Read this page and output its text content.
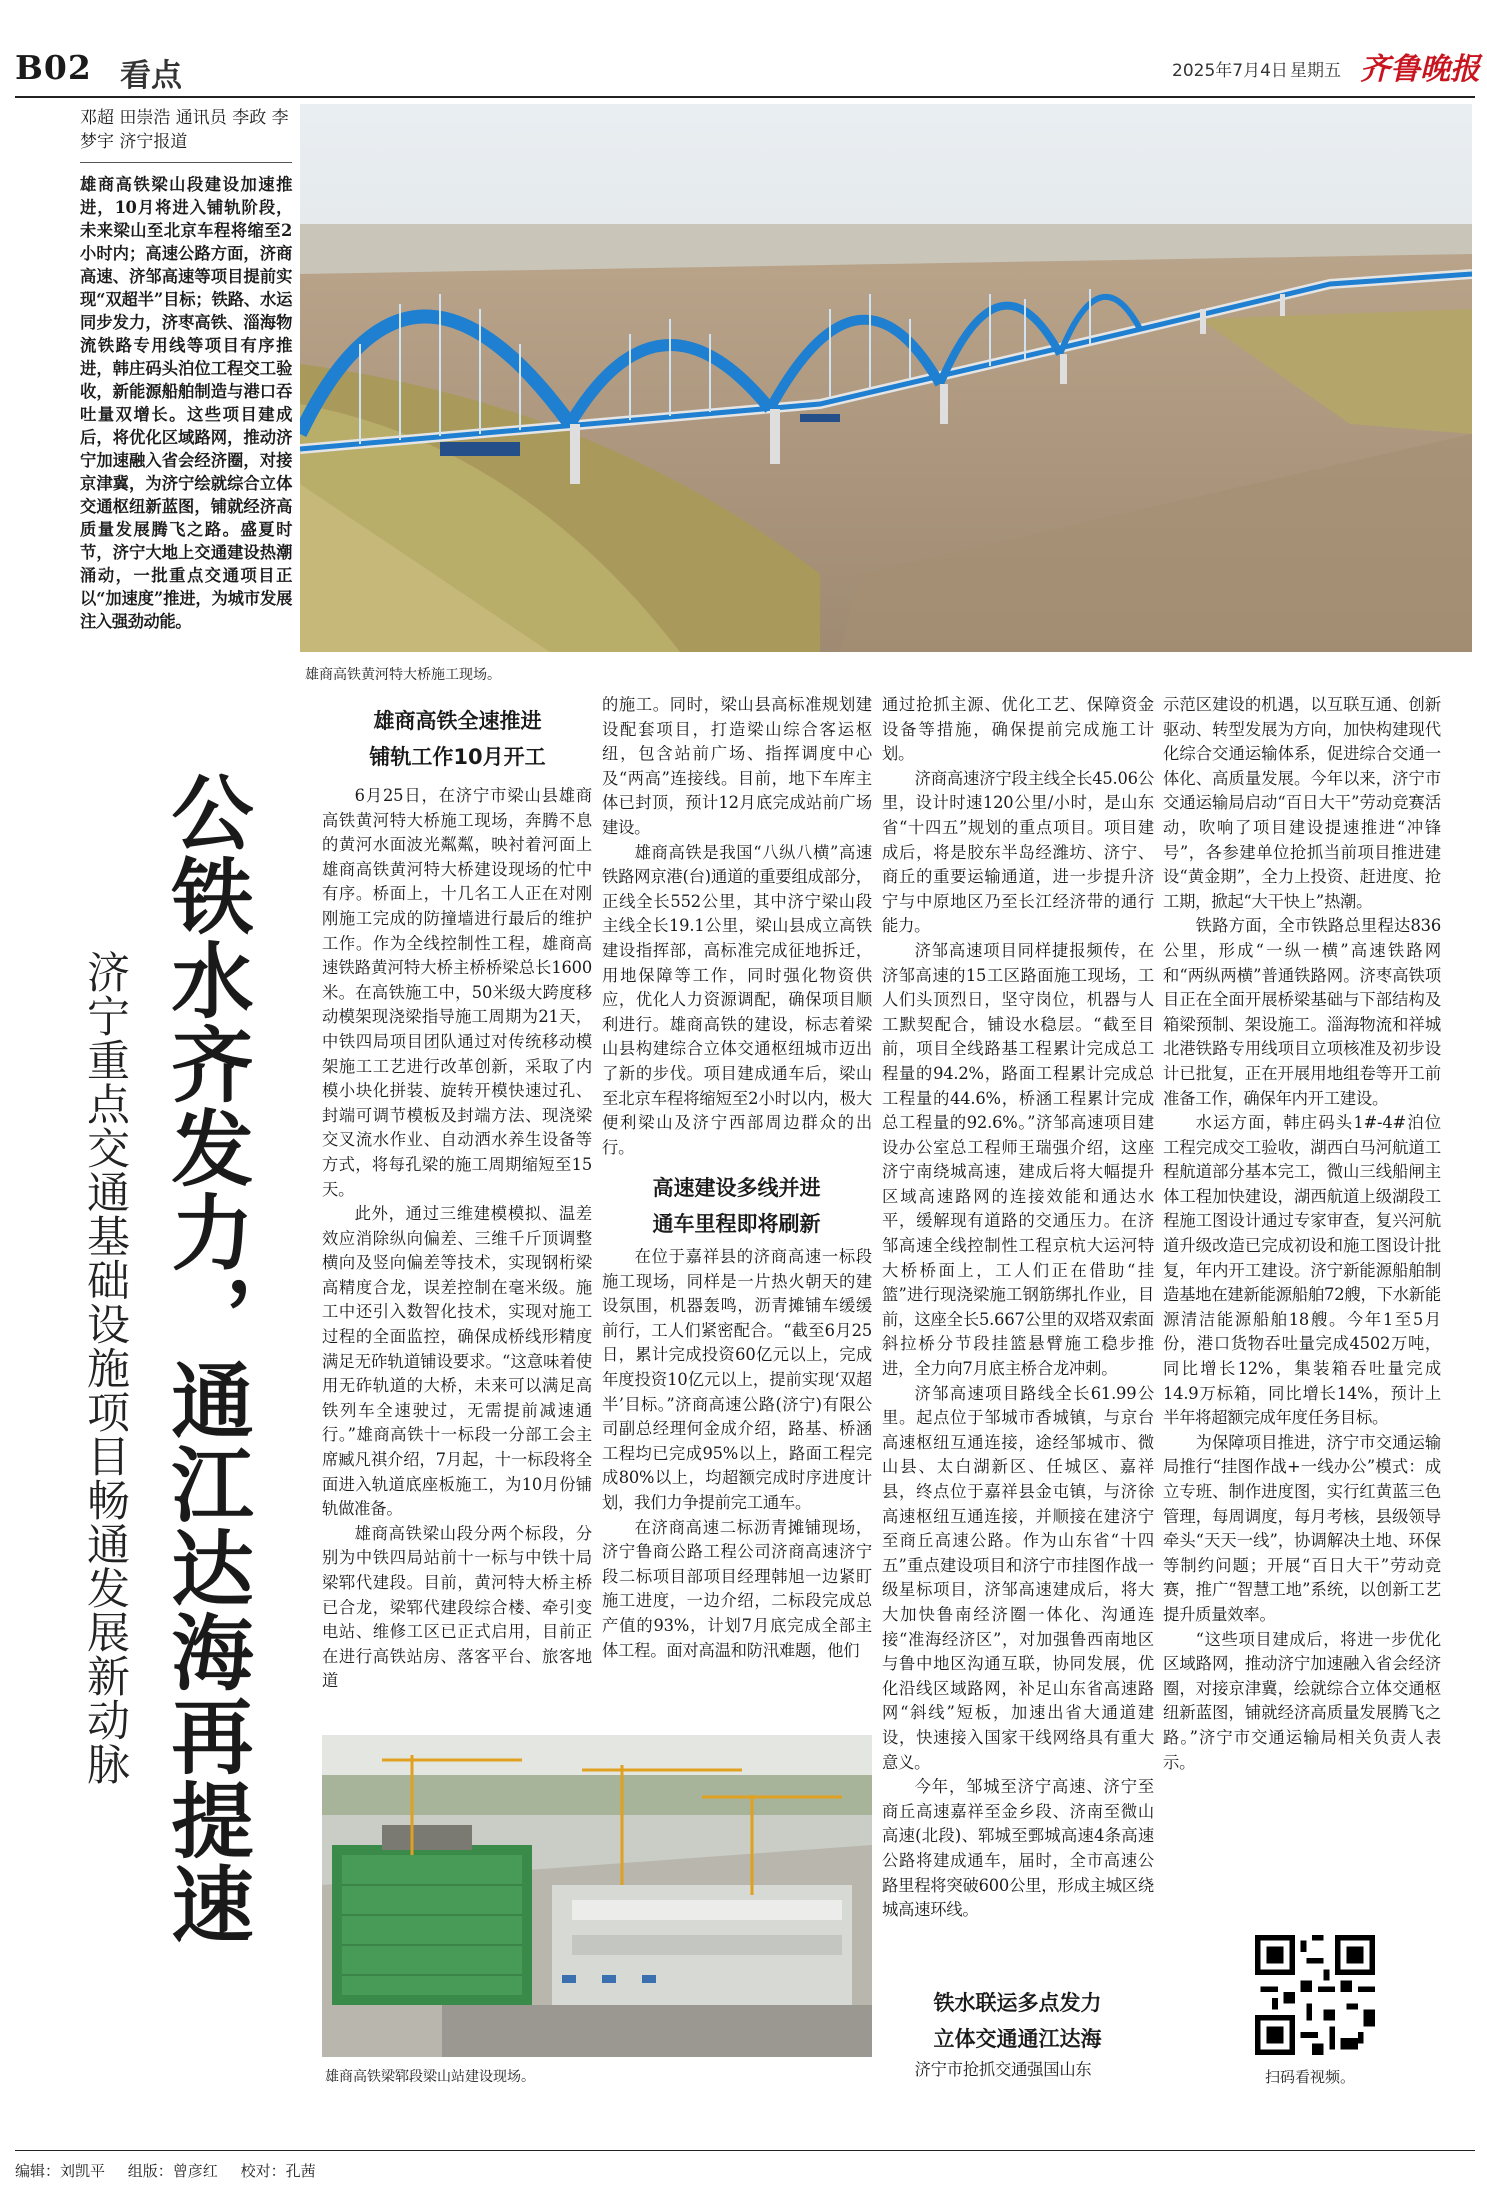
B02 看点	2025年7月4日 星期五 齐鲁晚报
邓超 田崇浩 通讯员 李政 李梦宇 济宁报道
雄商高铁梁山段建设加速推进，10月将进入铺轨阶段，未来梁山至北京车程将缩至2小时内；高速公路方面，济商高速、济邹高速等项目提前实现“双超半”目标；铁路、水运同步发力，济枣高铁、淄海物流铁路专用线等项目有序推进，韩庄码头泊位工程交工验收，新能源船舶制造与港口吞吐量双增长。这些项目建成后，将优化区域路网，推动济宁加速融入省会经济圈，对接京津冀，为济宁绘就综合立体交通枢纽新蓝图，铺就经济高质量发展腾飞之路。盛夏时节，济宁大地上交通建设热潮涌动，一批重点交通项目正以“加速度”推进，为城市发展注入强劲动能。
雄商高铁黄河特大桥施工现场。
公铁水齐发力，通江达海再提速
济宁重点交通基础设施项目畅通发展新动脉
雄商高铁全速推进
铺轨工作10月开工

6月25日，在济宁市梁山县雄商高铁黄河特大桥施工现场，奔腾不息的黄河水面波光粼粼，映衬着河面上雄商高铁黄河特大桥建设现场的忙中有序。桥面上，十几名工人正在对刚刚施工完成的防撞墙进行最后的维护工作。作为全线控制性工程，雄商高速铁路黄河特大桥主桥桥梁总长1600米。在高铁施工中，50米级大跨度移动模架现浇梁指导施工周期为21天，中铁四局项目团队通过对传统移动模架施工工艺进行改革创新，采取了内模小块化拼装、旋转开模快速过孔、封端可调节模板及封端方法、现浇梁交叉流水作业、自动洒水养生设备等方式，将每孔梁的施工周期缩短至15天。

此外，通过三维建模模拟、温差效应消除纵向偏差、三维千斤顶调整横向及竖向偏差等技术，实现钢桁梁高精度合龙，误差控制在毫米级。施工中还引入数智化技术，实现对施工过程的全面监控，确保成桥线形精度满足无砟轨道铺设要求。“这意味着使用无砟轨道的大桥，未来可以满足高铁列车全速驶过，无需提前减速通行。”雄商高铁十一标段一分部工会主席臧凡祺介绍，7月起，十一标段将全面进入轨道底座板施工，为10月份铺轨做准备。

雄商高铁梁山段分两个标段，分别为中铁四局站前十一标与中铁十局梁郓代建段。目前，黄河特大桥主桥已合龙，梁郓代建段综合楼、牵引变电站、维修工区已正式启用，目前正在进行高铁站房、落客平台、旅客地道

的施工。同时，梁山县高标准规划建设配套项目，打造梁山综合客运枢纽，包含站前广场、指挥调度中心及“两高”连接线。目前，地下车库主体已封顶，预计12月底完成站前广场建设。

雄商高铁是我国“八纵八横”高速铁路网京港(台)通道的重要组成部分，正线全长552公里，其中济宁梁山段主线全长19.1公里，梁山县成立高铁建设指挥部，高标准完成征地拆迁，用地保障等工作，同时强化物资供应，优化人力资源调配，确保项目顺利进行。雄商高铁的建设，标志着梁山县构建综合立体交通枢纽城市迈出了新的步伐。项目建成通车后，梁山至北京车程将缩短至2小时以内，极大便利梁山及济宁西部周边群众的出行。

高速建设多线并进
通车里程即将刷新

在位于嘉祥县的济商高速一标段施工现场，同样是一片热火朝天的建设氛围，机器轰鸣，沥青摊铺车缓缓前行，工人们紧密配合。“截至6月25日，累计完成投资60亿元以上，完成年度投资10亿元以上，提前实现‘双超半’目标。”济商高速公路(济宁)有限公司副总经理何金成介绍，路基、桥涵工程均已完成95%以上，路面工程完成80%以上，均超额完成时序进度计划，我们力争提前完工通车。

在济商高速二标沥青摊铺现场，济宁鲁商公路工程公司济商高速济宁段二标项目部项目经理韩旭一边紧盯施工进度，一边介绍，二标段完成总产值的93%，计划7月底完成全部主体工程。面对高温和防汛难题，他们

雄商高铁梁郓段梁山站建设现场。

通过抢抓主源、优化工艺、保障资金设备等措施，确保提前完成施工计划。

济商高速济宁段主线全长45.06公里，设计时速120公里/小时，是山东省“十四五”规划的重点项目。项目建成后，将是胶东半岛经潍坊、济宁、商丘的重要运输通道，进一步提升济宁与中原地区乃至长江经济带的通行能力。

济邹高速项目同样捷报频传，在济邹高速的15工区路面施工现场，工人们头顶烈日，坚守岗位，机器与人工默契配合，铺设水稳层。“截至目前，项目全线路基工程累计完成总工程量的94.2%，路面工程累计完成总工程量的44.6%，桥涵工程累计完成总工程量的92.6%。”济邹高速项目建设办公室总工程师王瑞强介绍，这座济宁南绕城高速，建成后将大幅提升区域高速路网的连接效能和通达水平，缓解现有道路的交通压力。在济邹高速全线控制性工程京杭大运河特大桥桥面上，工人们正在借助“挂篮”进行现浇梁施工钢筋绑扎作业，目前，这座全长5.667公里的双塔双索面斜拉桥分节段挂篮悬臂施工稳步推进，全力向7月底主桥合龙冲刺。

济邹高速项目路线全长61.99公里。起点位于邹城市香城镇，与京台高速枢纽互通连接，途经邹城市、微山县、太白湖新区、任城区、嘉祥县，终点位于嘉祥县金屯镇，与济徐高速枢纽互通连接，并顺接在建济宁至商丘高速公路。作为山东省“十四五”重点建设项目和济宁市挂图作战一级星标项目，济邹高速建成后，将大大加快鲁南经济圈一体化、沟通连接“准海经济区”，对加强鲁西南地区与鲁中地区沟通互联，协同发展，优化沿线区域路网，补足山东省高速路网“斜线”短板，加速出省大通道建设，快速接入国家干线网络具有重大意义。

今年，邹城至济宁高速、济宁至商丘高速嘉祥至金乡段、济南至微山高速(北段)、郓城至鄄城高速4条高速公路将建成通车，届时，全市高速公路里程将突破600公里，形成主城区绕城高速环线。

铁水联运多点发力
立体交通通江达海

济宁市抢抓交通强国山东

示范区建设的机遇，以互联互通、创新驱动、转型发展为方向，加快构建现代化综合交通运输体系，促进综合交通一体化、高质量发展。今年以来，济宁市交通运输局启动“百日大干”劳动竞赛活动，吹响了项目建设提速推进“冲锋号”，各参建单位抢抓当前项目推进建设“黄金期”，全力上投资、赶进度、抢工期，掀起“大干快上”热潮。

铁路方面，全市铁路总里程达836公里，形成“一纵一横”高速铁路网和“两纵两横”普通铁路网。济枣高铁项目正在全面开展桥梁基础与下部结构及箱梁预制、架设施工。淄海物流和祥城北港铁路专用线项目立项核准及初步设计已批复，正在开展用地组卷等开工前准备工作，确保年内开工建设。

水运方面，韩庄码头1#-4#泊位工程完成交工验收，湖西白马河航道工程航道部分基本完工，微山三线船闸主体工程加快建设，湖西航道上级湖段工程施工图设计通过专家审查，复兴河航道升级改造已完成初设和施工图设计批复，年内开工建设。济宁新能源船舶制造基地在建新能源船舶72艘，下水新能源清洁能源船舶18艘。今年1至5月份，港口货物吞吐量完成4502万吨，同比增长12%，集装箱吞吐量完成14.9万标箱，同比增长14%，预计上半年将超额完成年度任务目标。

为保障项目推进，济宁市交通运输局推行“挂图作战+一线办公”模式：成立专班、制作进度图，实行红黄蓝三色管理，每周调度，每月考核，县级领导牵头“天天一线”，协调解决土地、环保等制约问题；开展“百日大干”劳动竞赛，推广“智慧工地”系统，以创新工艺提升质量效率。

“这些项目建成后，将进一步优化区域路网，推动济宁加速融入省会经济圈，对接京津冀，绘就综合立体交通枢纽新蓝图，铺就经济高质量发展腾飞之路。”济宁市交通运输局相关负责人表示。

扫码看视频。
编辑：刘凯平 组版：曾彦红 校对：孔茜
